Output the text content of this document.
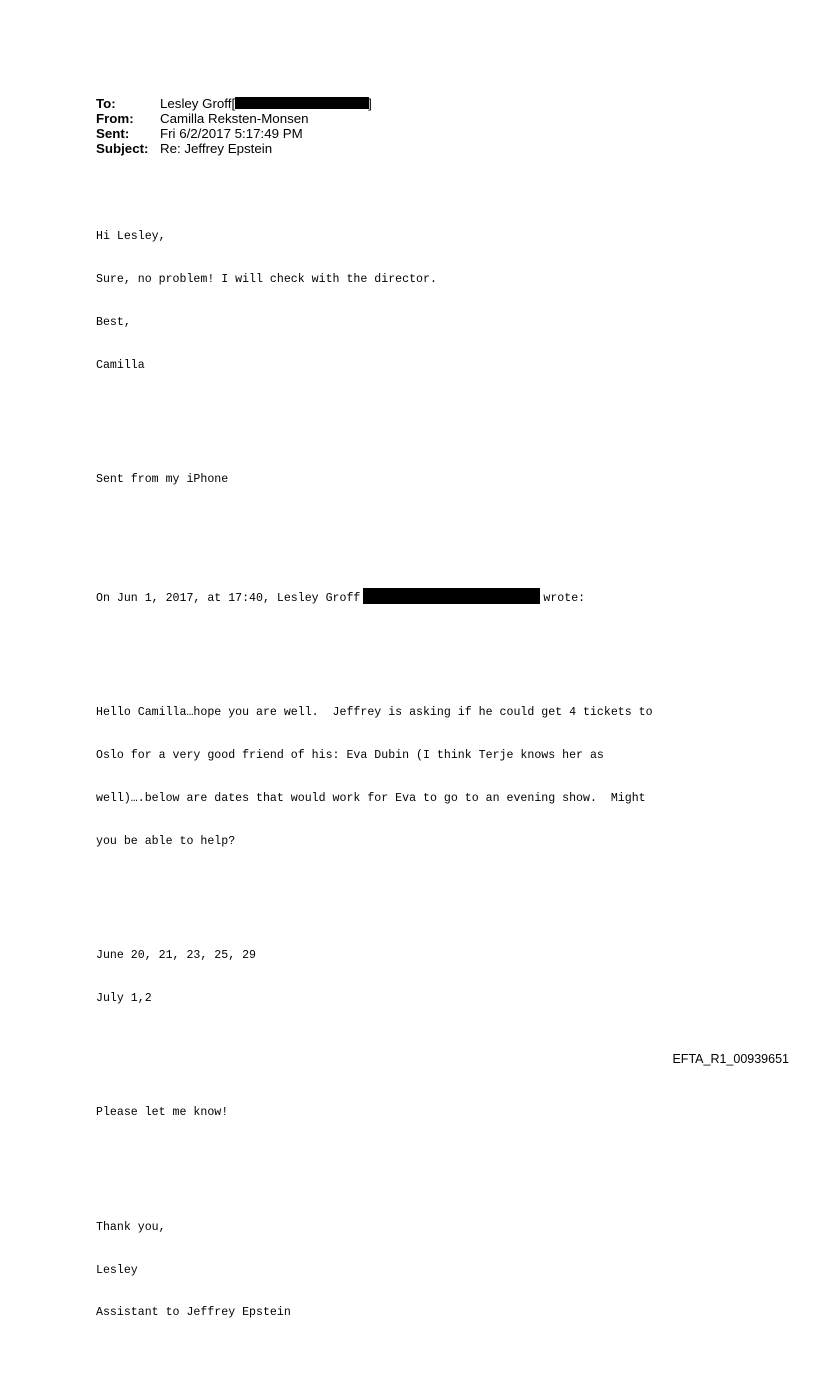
To:	Lesley Groff[	]
From:	Camilla Reksten-Monsen
Sent:	Fri 6/2/2017 5:17:49 PM
Subject: Re: Jeffrey Epstein

Hi Lesley,

Sure, no problem! I will check with the director.

Best,

Camilla

Sent from my iPhone

On Jun 1, 2017, at 17:40, Lesley Groff	wrote:

Hello Camilla…hope you are well.  Jeffrey is asking if he could get 4 tickets to

Oslo for a very good friend of his: Eva Dubin (I think Terje knows her as

well)….below are dates that would work for Eva to go to an evening show.  Might

you be able to help?

June 20, 21, 23, 25, 29

July 1,2

Please let me know!

Thank you,

Lesley

Assistant to Jeffrey Epstein

EFTA_R1_00939651
